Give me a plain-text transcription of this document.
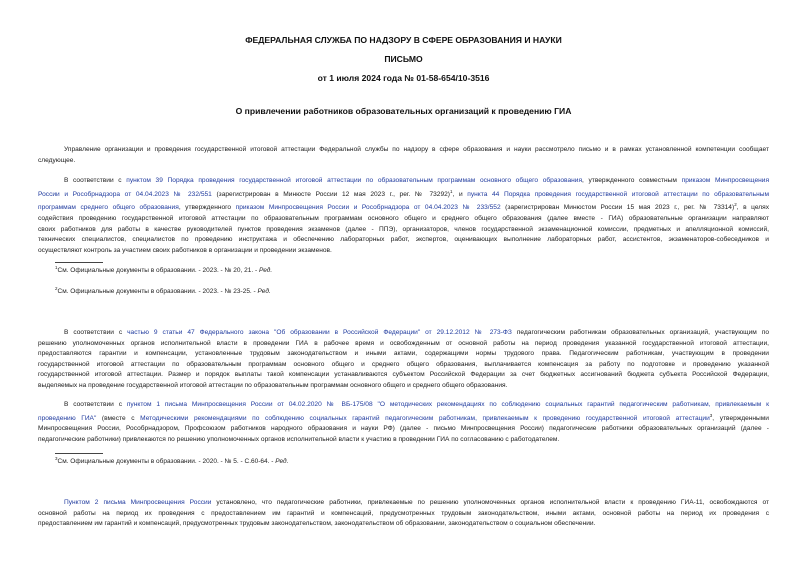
ФЕДЕРАЛЬНАЯ СЛУЖБА ПО НАДЗОРУ В СФЕРЕ ОБРАЗОВАНИЯ И НАУКИ
ПИСЬМО
от 1 июля 2024 года № 01-58-654/10-3516
О привлечении работников образовательных организаций к проведению ГИА
Управление организации и проведения государственной итоговой аттестации Федеральной службы по надзору в сфере образования и науки рассмотрело письмо и в рамках установленной компетенции сообщает
следующее.
В соответствии с пунктом 39 Порядка проведения государственной итоговой аттестации по образовательным программам основного общего образования, утвержденного совместным приказом Минпросвещения
России и Рособрнадзора от 04.04.2023 № 232/551 (зарегистрирован в Минюсте России 12 мая 2023 г., рег. № 73292)$^1$, и пункта 44 Порядка проведения государственной итоговой аттестации по образовательным
программам среднего общего образования, утвержденного приказом Минпросвещения России и Рособрнадзора от 04.04.2023 № 233/552 (зарегистрирован Минюстом России 15 мая 2023 г., рег. № 73314)$^2$, в целях
содействия проведению государственной итоговой аттестации по образовательным программам основного общего и среднего общего образования (далее вместе - ГИА) образовательные организации направляют
своих работников для работы в качестве руководителей пунктов проведения экзаменов (далее - ППЭ), организаторов, членов государственной экзаменационной комиссии, предметных и апелляционной комиссий,
технических специалистов, специалистов по проведению инструктажа и обеспечению лабораторных работ, экспертов, оценивающих выполнение лабораторных работ, ассистентов, экзаменаторов-собеседников и
осуществляют контроль за участием своих работников в организации и проведении экзаменов.
$^1$См. Официальные документы в образовании. - 2023. - № 20, 21. - Ред.
$^2$См. Официальные документы в образовании. - 2023. - № 23-25. - Ред.
В соответствии с частью 9 статьи 47 Федерального закона "Об образовании в Российской Федерации" от 29.12.2012 № 273-ФЗ педагогическим работникам образовательных организаций, участвующим по
решению уполномоченных органов исполнительной власти в проведении ГИА в рабочее время и освобожденным от основной работы на период проведения указанной государственной итоговой аттестации,
предоставляются гарантии и компенсации, установленные трудовым законодательством и иными актами, содержащими нормы трудового права. Педагогическим работникам, участвующим в проведении
государственной итоговой аттестации по образовательным программам основного общего и среднего общего образования, выплачивается компенсация за работу по подготовке и проведению указанной
государственной итоговой аттестации. Размер и порядок выплаты такой компенсации устанавливаются субъектом Российской Федерации за счет бюджетных ассигнований бюджета субъекта Российской Федерации,
выделяемых на проведение государственной итоговой аттестации по образовательным программам основного общего и среднего общего образования.
В соответствии с пунктом 1 письма Минпросвещения России от 04.02.2020 № ВБ-175/08 "О методических рекомендациях по соблюдению социальных гарантий педагогическим работникам, привлекаемым к
проведению ГИА" (вместе с Методическими рекомендациями по соблюдению социальных гарантий педагогическим работникам, привлекаемым к проведению государственной итоговой аттестации$^3$, утвержденными
Минпросвещения России, Рособрнадзором, Профсоюзом работников народного образования и науки РФ) (далее - письмо Минпросвещения России) педагогические работники образовательных организаций (далее -
педагогические работники) привлекаются по решению уполномоченных органов исполнительной власти к участию в проведении ГИА по согласованию с работодателем.
$^3$См. Официальные документы в образовании. - 2020. - № 5. - С.60-64. - Ред.
Пунктом 2 письма Минпросвещения России установлено, что педагогические работники, привлекаемые по решению уполномоченных органов исполнительной власти к проведению ГИА-11, освобождаются от
основной работы на период их проведения с предоставлением им гарантий и компенсаций, предусмотренных трудовым законодательством, иными актами, основной работы на период их проведения с
предоставлением им гарантий и компенсаций, предусмотренных трудовым законодательством, законодательством об образовании, законодательством о социальном обеспечении.
